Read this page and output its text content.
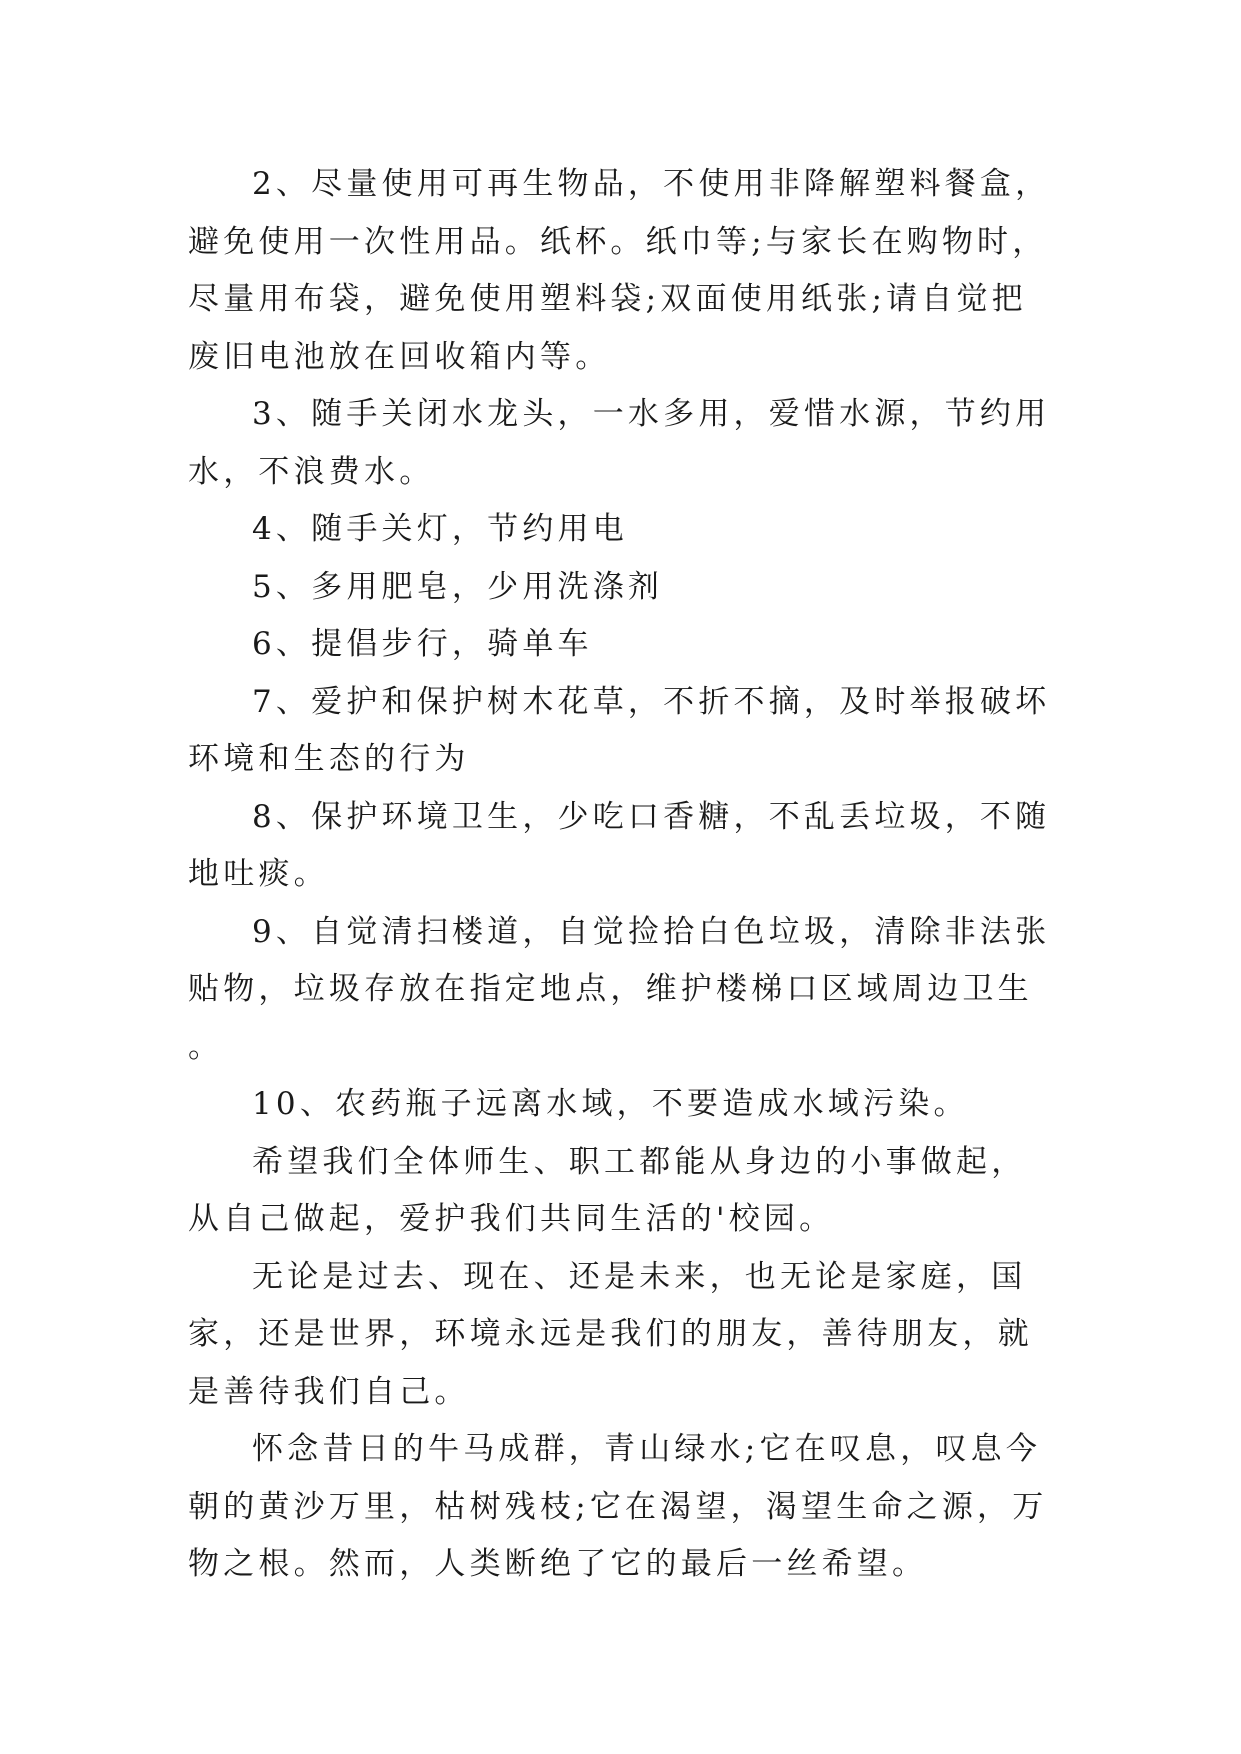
2、尽量使用可再生物品，不使用非降解塑料餐盒，避免使用一次性用品。纸杯。纸巾等;与家长在购物时，尽量用布袋，避免使用塑料袋;双面使用纸张;请自觉把废旧电池放在回收箱内等。

3、随手关闭水龙头，一水多用，爱惜水源，节约用水，不浪费水。

4、随手关灯，节约用电

5、多用肥皂，少用洗涤剂

6、提倡步行，骑单车

7、爱护和保护树木花草，不折不摘，及时举报破坏环境和生态的行为

8、保护环境卫生，少吃口香糖，不乱丢垃圾，不随地吐痰。

9、自觉清扫楼道，自觉捡拾白色垃圾，清除非法张贴物，垃圾存放在指定地点，维护楼梯口区域周边卫生。

10、农药瓶子远离水域，不要造成水域污染。

希望我们全体师生、职工都能从身边的小事做起，从自己做起，爱护我们共同生活的'校园。

无论是过去、现在、还是未来，也无论是家庭，国家，还是世界，环境永远是我们的朋友，善待朋友，就是善待我们自己。

怀念昔日的牛马成群，青山绿水;它在叹息，叹息今朝的黄沙万里，枯树残枝;它在渴望，渴望生命之源，万物之根。然而，人类断绝了它的最后一丝希望。
